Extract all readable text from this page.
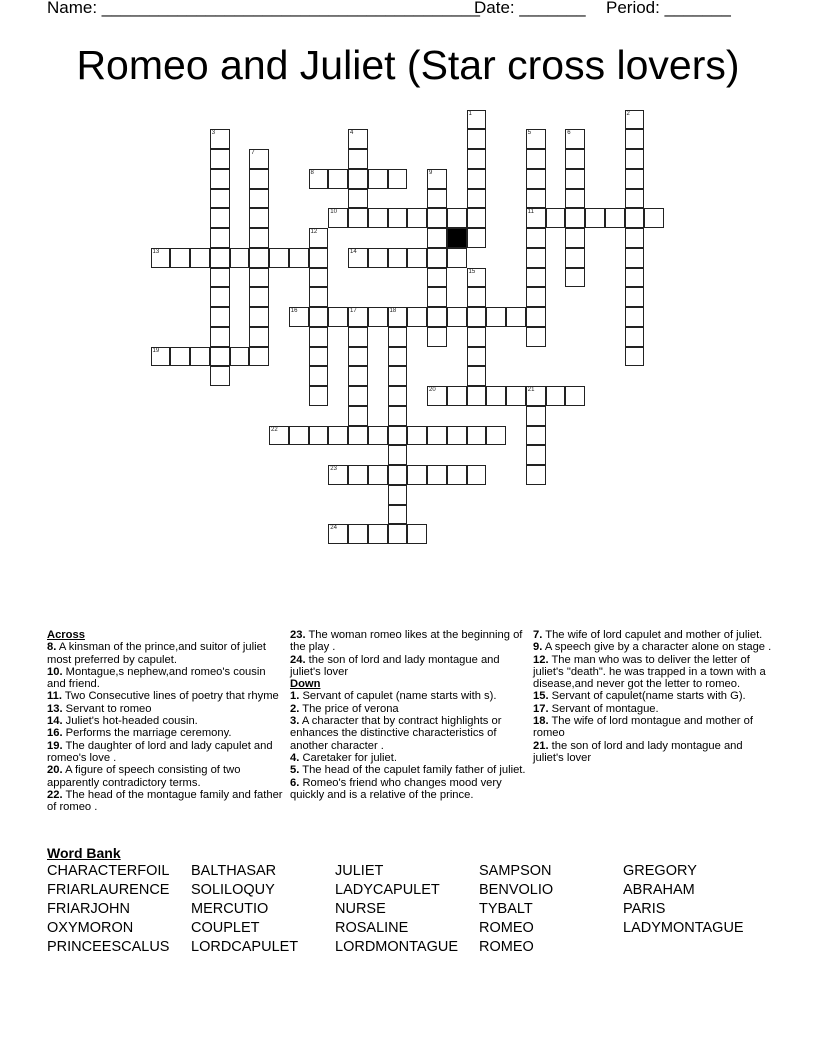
Name: ________________________________________
Date: _______ Period: _______
Romeo and Juliet (Star cross lovers)
1	2
3	4	5
11
6
7
8	9
10
12
13	14
15
16	17	18
19
20	21
22
23
24
Across
8. A kinsman of the prince,and suitor of juliet most preferred by capulet.
10. Montague,s nephew,and romeo's cousin and friend.
11. Two Consecutive lines of poetry that rhyme
13. Servant to romeo
14. Juliet's hot-headed cousin.
16. Performs the marriage ceremony.
19. The daughter of lord and lady capulet and romeo's love .
20. A figure of speech consisting of two apparently contradictory terms.
22. The head of the montague family and father of romeo .
23. The woman romeo likes at the beginning of the play .
24. the son of lord and lady montague and juliet's lover
Down
1. Servant of capulet (name starts with s).
2. The price of verona
3. A character that by contract highlights or enhances the distinctive characteristics of another character .
4. Caretaker for juliet.
5. The head of the capulet family father of juliet.
6. Romeo's friend who changes mood very quickly and is a relative of the prince.
7. The wife of lord capulet and mother of juliet.
9. A speech give by a character alone on stage .
12. The man who was to deliver the letter of juliet's "death". he was trapped in a town with a disease,and never got the letter to romeo.
15. Servant of capulet(name starts with G).
17. Servant of montague.
18. The wife of lord montague and mother of romeo
21. the son of lord and lady montague and juliet's lover
Word Bank
CHARACTERFOIL	BALTHASAR	JULIET	SAMPSON	GREGORY
FRIARLAURENCE	SOLILOQUY	LADYCAPULET	BENVOLIO	ABRAHAM
FRIARJOHN	MERCUTIO	NURSE	TYBALT	PARIS
OXYMORON	COUPLET	ROSALINE	ROMEO	LADYMONTAGUE
PRINCEESCALUS	LORDCAPULET	LORDMONTAGUE	ROMEO
